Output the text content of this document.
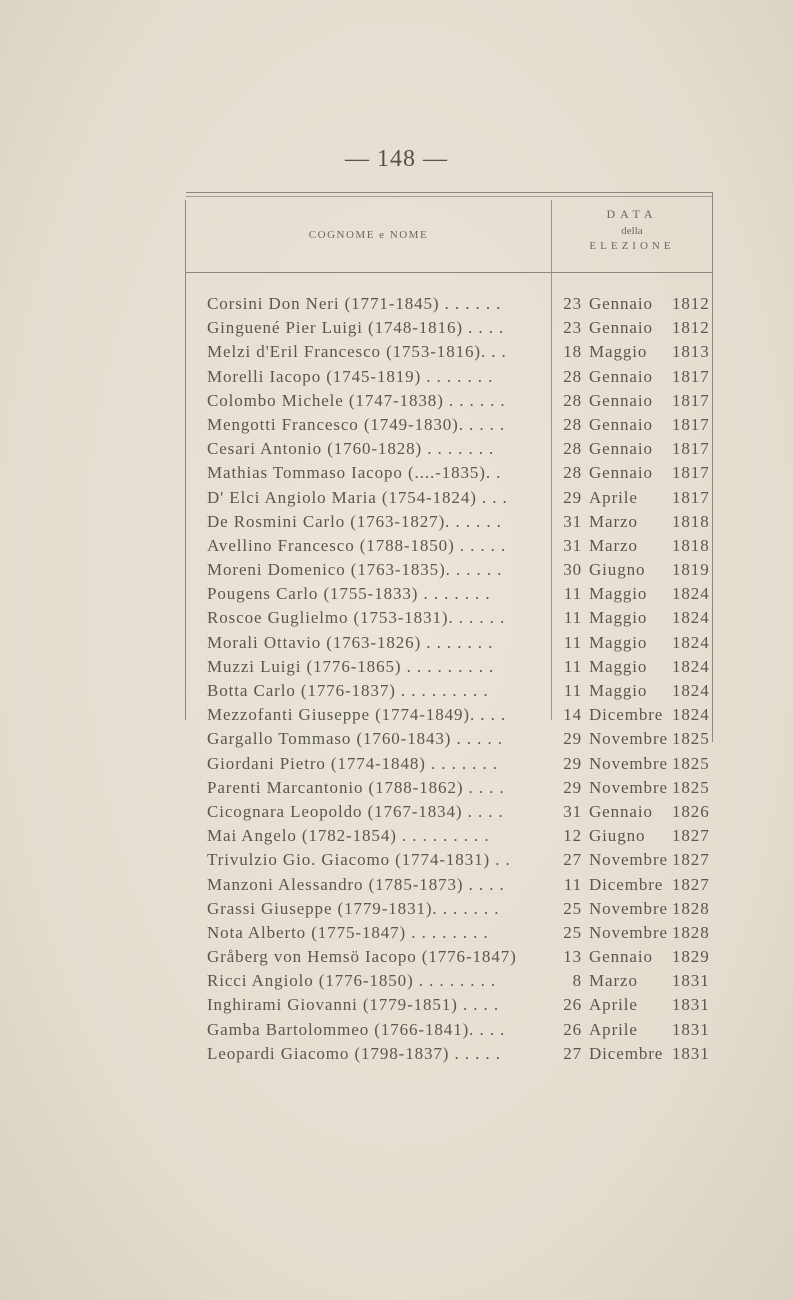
— 148 —
COGNOME e NOME
DATA
della
ELEZIONE
Corsini Don Neri (1771-1845) . . . . . .	23 Gennaio 1812
Ginguené Pier Luigi (1748-1816) . . . .	23 Gennaio 1812
Melzi d'Eril Francesco (1753-1816). . .	18 Maggio 1813
Morelli Iacopo (1745-1819) . . . . . . .	28 Gennaio 1817
Colombo Michele (1747-1838) . . . . . .	28 Gennaio 1817
Mengotti Francesco (1749-1830). . . . .	28 Gennaio 1817
Cesari Antonio (1760-1828) . . . . . . .	28 Gennaio 1817
Mathias Tommaso Iacopo (....-1835). .	28 Gennaio 1817
D' Elci Angiolo Maria (1754-1824) . . .	29 Aprile 1817
De Rosmini Carlo (1763-1827). . . . . .	31 Marzo 1818
Avellino Francesco (1788-1850) . . . . .	31 Marzo 1818
Moreni Domenico (1763-1835). . . . . .	30 Giugno 1819
Pougens Carlo (1755-1833) . . . . . . .	11 Maggio 1824
Roscoe Guglielmo (1753-1831). . . . . .	11 Maggio 1824
Morali Ottavio (1763-1826) . . . . . . .	11 Maggio 1824
Muzzi Luigi (1776-1865) . . . . . . . . .	11 Maggio 1824
Botta Carlo (1776-1837) . . . . . . . . .	11 Maggio 1824
Mezzofanti Giuseppe (1774-1849). . . .	14 Dicembre 1824
Gargallo Tommaso (1760-1843) . . . . .	29 Novembre 1825
Giordani Pietro (1774-1848) . . . . . . .	29 Novembre 1825
Parenti Marcantonio (1788-1862) . . . .	29 Novembre 1825
Cicognara Leopoldo (1767-1834) . . . .	31 Gennaio 1826
Mai Angelo (1782-1854) . . . . . . . . .	12 Giugno 1827
Trivulzio Gio. Giacomo (1774-1831) . .	27 Novembre 1827
Manzoni Alessandro (1785-1873) . . . .	11 Dicembre 1827
Grassi Giuseppe (1779-1831). . . . . . .	25 Novembre 1828
Nota Alberto (1775-1847) . . . . . . . .	25 Novembre 1828
Gråberg von Hemsö Iacopo (1776-1847)	13 Gennaio 1829
Ricci Angiolo (1776-1850) . . . . . . . .	8 Marzo 1831
Inghirami Giovanni (1779-1851) . . . .	26 Aprile 1831
Gamba Bartolommeo (1766-1841). . . .	26 Aprile 1831
Leopardi Giacomo (1798-1837) . . . . .	27 Dicembre 1831
